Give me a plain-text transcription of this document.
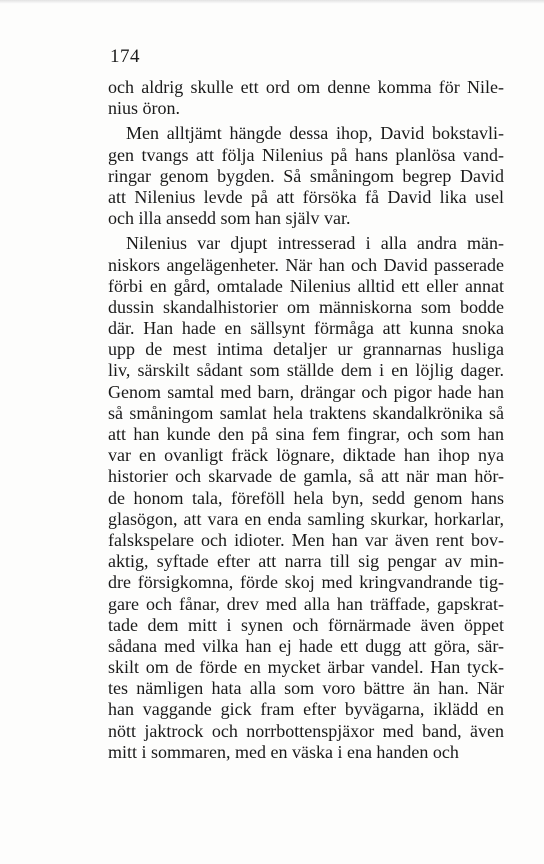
174
och aldrig skulle ett ord om denne komma för Nile-
nius öron.
Men alltjämt hängde dessa ihop, David bokstavli-
gen tvangs att följa Nilenius på hans planlösa vand-
ringar genom bygden. Så småningom begrep David
att Nilenius levde på att försöka få David lika usel
och illa ansedd som han själv var.
Nilenius var djupt intresserad i alla andra män-
niskors angelägenheter. När han och David passerade
förbi en gård, omtalade Nilenius alltid ett eller annat
dussin skandalhistorier om människorna som bodde
där. Han hade en sällsynt förmåga att kunna snoka
upp de mest intima detaljer ur grannarnas husliga
liv, särskilt sådant som ställde dem i en löjlig dager.
Genom samtal med barn, drängar och pigor hade han
så småningom samlat hela traktens skandalkrönika så
att han kunde den på sina fem fingrar, och som han
var en ovanligt fräck lögnare, diktade han ihop nya
historier och skarvade de gamla, så att när man hör-
de honom tala, föreföll hela byn, sedd genom hans
glasögon, att vara en enda samling skurkar, horkarlar,
falskspelare och idioter. Men han var även rent bov-
aktig, syftade efter att narra till sig pengar av min-
dre försigkomna, förde skoj med kringvandrande tig-
gare och fånar, drev med alla han träffade, gapskrat-
tade dem mitt i synen och förnärmade även öppet
sådana med vilka han ej hade ett dugg att göra, sär-
skilt om de förde en mycket ärbar vandel. Han tyck-
tes nämligen hata alla som voro bättre än han. När
han vaggande gick fram efter byvägarna, iklädd en
nött jaktrock och norrbottenspjäxor med band, även
mitt i sommaren, med en väska i ena handen och
